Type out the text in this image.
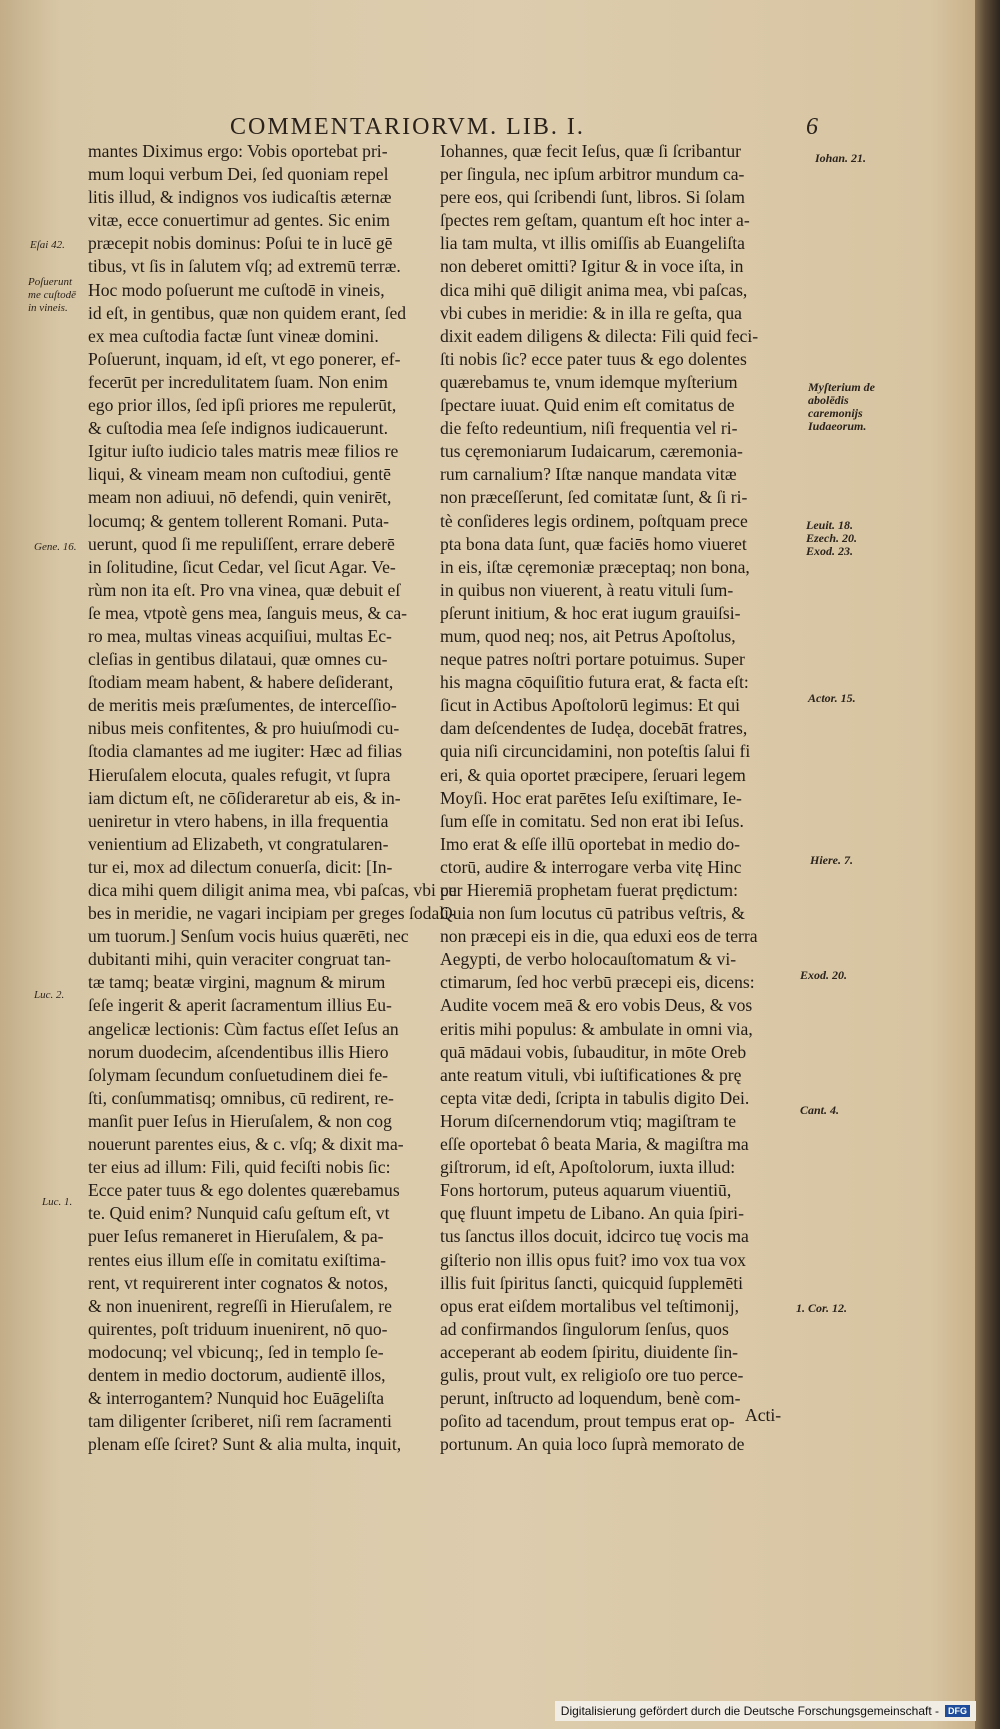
COMMENTARIORVM. LIB. I.	6
mantes Diximus ergo: Vobis oportebat pri-
mum loqui verbum Dei, ſed quoniam repel
litis illud, & indignos vos iudicaſtis æternæ
vitæ, ecce conuertimur ad gentes. Sic enim
præcepit nobis dominus: Poſui te in lucē gē
tibus, vt ſis in ſalutem vſq; ad extremū terræ.
Hoc modo poſuerunt me cuſtodē in vineis,
id eſt, in gentibus, quæ non quidem erant, ſed
ex mea cuſtodia factæ ſunt vineæ domini.
Poſuerunt, inquam, id eſt, vt ego ponerer, ef-
fecerūt per incredulitatem ſuam. Non enim
ego prior illos, ſed ipſi priores me repulerūt,
& cuſtodia mea ſeſe indignos iudicauerunt.
Igitur iuſto iudicio tales matris meæ filios re
liqui, & vineam meam non cuſtodiui, gentē
meam non adiuui, nō defendi, quin venirēt,
locumq; & gentem tollerent Romani. Puta-
uerunt, quod ſi me repuliſſent, errare deberē
in ſolitudine, ſicut Cedar, vel ſicut Agar. Ve-
rùm non ita eſt. Pro vna vinea, quæ debuit eſ
ſe mea, vtpotè gens mea, ſanguis meus, & ca-
ro mea, multas vineas acquiſiui, multas Ec-
cleſias in gentibus dilataui, quæ omnes cu-
ſtodiam meam habent, & habere deſiderant,
de meritis meis præſumentes, de interceſſio-
nibus meis confitentes, & pro huiuſmodi cu-
ſtodia clamantes ad me iugiter: Hæc ad filias
Hieruſalem elocuta, quales refugit, vt ſupra
iam dictum eſt, ne cōſideraretur ab eis, & in-
ueniretur in vtero habens, in illa frequentia
venientium ad Elizabeth, vt congratularen-
tur ei, mox ad dilectum conuerſa, dicit: [In-
dica mihi quem diligit anima mea, vbi paſcas, vbi cu
bes in meridie, ne vagari incipiam per greges ſodali-
um tuorum.] Senſum vocis huius quærēti, nec
dubitanti mihi, quin veraciter congruat tan-
tæ tamq; beatæ virgini, magnum & mirum
ſeſe ingerit & aperit ſacramentum illius Eu-
angelicæ lectionis: Cùm factus eſſet Ieſus an
norum duodecim, aſcendentibus illis Hiero
ſolymam ſecundum conſuetudinem diei fe-
ſti, conſummatisq; omnibus, cū redirent, re-
manſit puer Ieſus in Hieruſalem, & non cog
nouerunt parentes eius, & c. vſq; & dixit ma-
ter eius ad illum: Fili, quid feciſti nobis ſic:
Ecce pater tuus & ego dolentes quærebamus
te. Quid enim? Nunquid caſu geſtum eſt, vt
puer Ieſus remaneret in Hieruſalem, & pa-
rentes eius illum eſſe in comitatu exiſtima-
rent, vt requirerent inter cognatos & notos,
& non inuenirent, regreſſi in Hieruſalem, re
quirentes, poſt triduum inuenirent, nō quo-
modocunq; vel vbicunq;, ſed in templo ſe-
dentem in medio doctorum, audientē illos,
& interrogantem? Nunquid hoc Euāgeliſta
tam diligenter ſcriberet, niſi rem ſacramenti
plenam eſſe ſciret? Sunt & alia multa, inquit,
Iohannes, quæ fecit Ieſus, quæ ſi ſcribantur
per ſingula, nec ipſum arbitror mundum ca-
pere eos, qui ſcribendi ſunt, libros. Si ſolam
ſpectes rem geſtam, quantum eſt hoc inter a-
lia tam multa, vt illis omiſſis ab Euangeliſta
non deberet omitti? Igitur & in voce iſta, in
dica mihi quē diligit anima mea, vbi paſcas,
vbi cubes in meridie: & in illa re geſta, qua
dixit eadem diligens & dilecta: Fili quid feci-
ſti nobis ſic? ecce pater tuus & ego dolentes
quærebamus te, vnum idemque myſterium
ſpectare iuuat. Quid enim eſt comitatus de
die feſto redeuntium, niſi frequentia vel ri-
tus cęremoniarum Iudaicarum, cæremonia-
rum carnalium? Iſtæ nanque mandata vitæ
non præceſſerunt, ſed comitatæ ſunt, & ſi ri-
tè conſideres legis ordinem, poſtquam prece
pta bona data ſunt, quæ faciēs homo viueret
in eis, iſtæ cęremoniæ præceptaq; non bona,
in quibus non viuerent, à reatu vituli ſum-
pſerunt initium, & hoc erat iugum grauiſsi-
mum, quod neq; nos, ait Petrus Apoſtolus,
neque patres noſtri portare potuimus. Super
his magna cōquiſitio futura erat, & facta eſt:
ſicut in Actibus Apoſtolorū legimus: Et qui
dam deſcendentes de Iudęa, docebāt fratres,
quia niſi circuncidamini, non poteſtis ſalui fi
eri, & quia oportet præcipere, ſeruari legem
Moyſi. Hoc erat parētes Ieſu exiſtimare, Ie-
ſum eſſe in comitatu. Sed non erat ibi Ieſus.
Imo erat & eſſe illū oportebat in medio do-
ctorū, audire & interrogare verba vitę Hinc
per Hieremiā prophetam fuerat prędictum:
Quia non ſum locutus cū patribus veſtris, &
non præcepi eis in die, qua eduxi eos de terra
Aegypti, de verbo holocauſtomatum & vi-
ctimarum, ſed hoc verbū præcepi eis, dicens:
Audite vocem meā & ero vobis Deus, & vos
eritis mihi populus: & ambulate in omni via,
quā mādaui vobis, ſubauditur, in mōte Oreb
ante reatum vituli, vbi iuſtificationes & prę
cepta vitæ dedi, ſcripta in tabulis digito Dei.
Horum diſcernendorum vtiq; magiſtram te
eſſe oportebat ô beata Maria, & magiſtra ma
giſtrorum, id eſt, Apoſtolorum, iuxta illud:
Fons hortorum, puteus aquarum viuentiū,
quę fluunt impetu de Libano. An quia ſpiri-
tus ſanctus illos docuit, idcirco tuę vocis ma
giſterio non illis opus fuit? imo vox tua vox
illis fuit ſpiritus ſancti, quicquid ſupplemēti
opus erat eiſdem mortalibus vel teſtimonij,
ad confirmandos ſingulorum ſenſus, quos
acceperant ab eodem ſpiritu, diuidente ſin-
gulis, prout vult, ex religioſo ore tuo perce-
perunt, inſtructo ad loquendum, benè com-
poſito ad tacendum, prout tempus erat op-
portunum. An quia loco ſuprà memorato de
Eſai 42.
Poſuerunt me cuſtodē in vineis.
Gene. 16.
Luc. 2.
Luc. 1.
Iohan. 21.
Myſterium de abolēdis caremonijs Iudaeorum.
Leuit. 18. Ezech. 20. Exod. 23.
Actor. 15.
Hiere. 7.
Exod. 20.
Cant. 4.
1. Cor. 12.
Acti-
Digitalisierung gefördert durch die Deutsche Forschungsgemeinschaft -	DFG
